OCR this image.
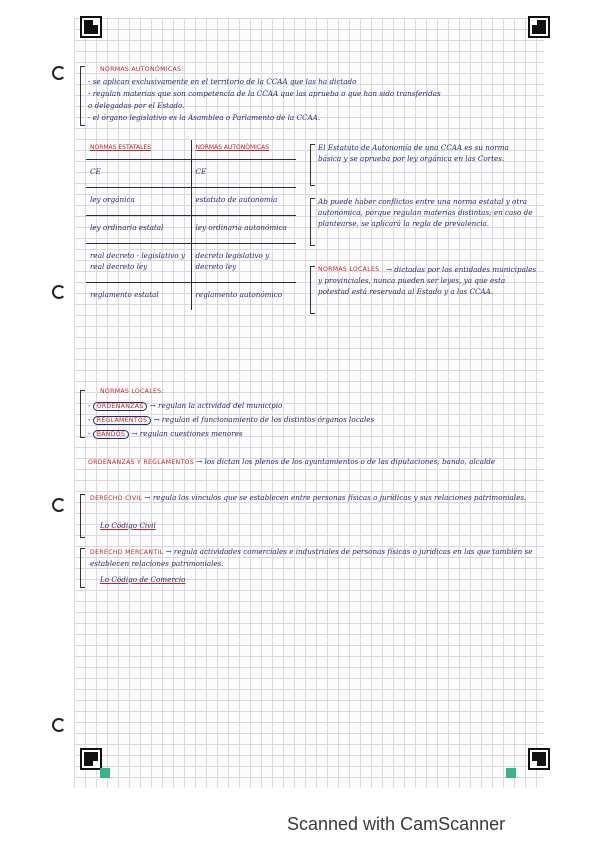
NORMAS AUTONÓMICAS:
- se aplican exclusivamente en el territorio de la CCAA que las ha dictado
- regulan materias que son competencia de la CCAA que las aprueba o que han sido transferidas
o delegadas por el Estado.
- el órgano legislativo es la Asamblea o Parlamento de la CCAA.
NORMAS ESTATALES	NORMAS AUTONÓMICAS
CE	CE
ley orgánica	estatuto de autonomía
ley ordinaria estatal	ley ordinaria autonómica
real decreto - legislativo y real decreto ley	decreto legislativo y decreto ley
reglamento estatal	reglamento autonómico
El Estatuto de Autonomía de una CCAA es su norma básica y se aprueba por ley orgánica en las Cortes.
Ab puede haber conflictos entre una norma estatal y otra autonómica, porque regulan materias distintas; en caso de plantearse, se aplicará la regla de prevalencia.
NORMAS LOCALES → dictadas por los entidades municipales y provinciales, nunca pueden ser leyes, ya que esta potestad está reservada al Estado y a las CCAA.
NORMAS LOCALES:
- ORDENANZAS → regulan la actividad del municipio
- REGLAMENTOS → regulan el funcionamiento de los distintos órganos locales
- BANDOS → regulan cuestiones menores
ORDENANZAS Y REGLAMENTOS → los dictan los plenos de los ayuntamientos o de las diputaciones; bando, alcalde
DERECHO CIVIL → regula los vínculos que se establecen entre personas físicas o jurídicas y sus relaciones patrimoniales.
Lo Código Civil
DERECHO MERCANTIL → regula actividades comerciales e industriales de personas físicas o jurídicas en las que también se establecen relaciones patrimoniales.
Lo Código de Comercio
Scanned with CamScanner
